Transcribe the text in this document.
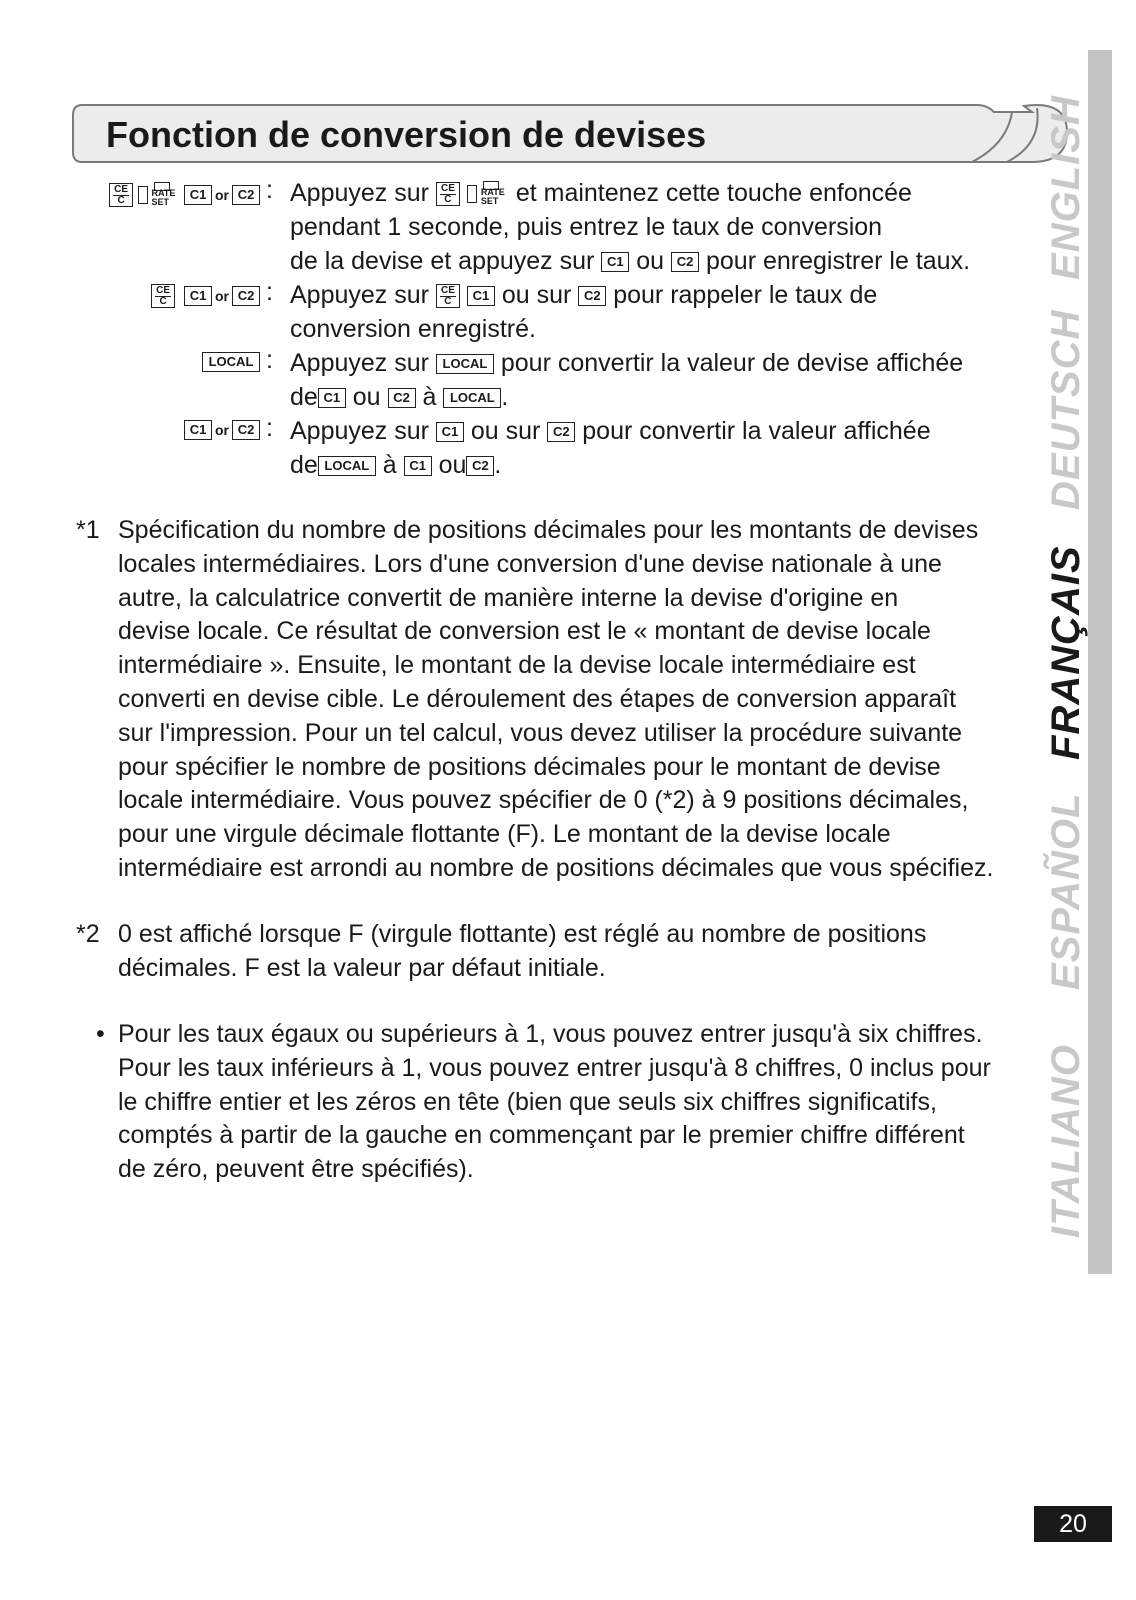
Fonction de conversion de devises
$\frac{CE}{C}$
RATE
SET	C1 or C2 : Appuyez sur $\frac{CE}{C}$
RATE
SET et maintenez cette touche enfoncée
pendant 1 seconde, puis entrez le taux de conversion
de la devise et appuyez sur C1 ou C2 pour enregistrer le taux.
$\frac{CE}{C} C1$ or C2 : Appuyez sur $\frac{CE}{C} C1$ ou sur C2 pour rappeler le taux de
conversion enregistré.
LOCAL : Appuyez sur LOCAL pour convertir la valeur de devise affichée
de C1 ou C2 à LOCAL .
C1 or C2 : Appuyez sur C1 ou sur C2 pour convertir la valeur affichée
de LOCAL à C1 ou C2 .
*1 Spécification du nombre de positions décimales pour les montants de devises
locales intermédiaires. Lors d'une conversion d'une devise nationale à une
autre, la calculatrice convertit de manière interne la devise d'origine en
devise locale. Ce résultat de conversion est le « montant de devise locale
intermédiaire ». Ensuite, le montant de la devise locale intermédiaire est
converti en devise cible. Le déroulement des étapes de conversion apparaît
sur l'impression. Pour un tel calcul, vous devez utiliser la procédure suivante
pour spécifier le nombre de positions décimales pour le montant de devise
locale intermédiaire. Vous pouvez spécifier de 0 (*2) à 9 positions décimales,
pour une virgule décimale flottante (F). Le montant de la devise locale
intermédiaire est arrondi au nombre de positions décimales que vous spécifiez.
*2 0 est affiché lorsque F (virgule flottante) est réglé au nombre de positions
décimales. F est la valeur par défaut initiale.
• Pour les taux égaux ou supérieurs à 1, vous pouvez entrer jusqu'à six chiffres.
Pour les taux inférieurs à 1, vous pouvez entrer jusqu'à 8 chiffres, 0 inclus pour
le chiffre entier et les zéros en tête (bien que seuls six chiffres significatifs,
comptés à partir de la gauche en commençant par le premier chiffre différent
de zéro, peuvent être spécifiés).
ENGLISH
DEUTSCH
FRANÇAIS
ESPAÑOL
ITALIANO
20
